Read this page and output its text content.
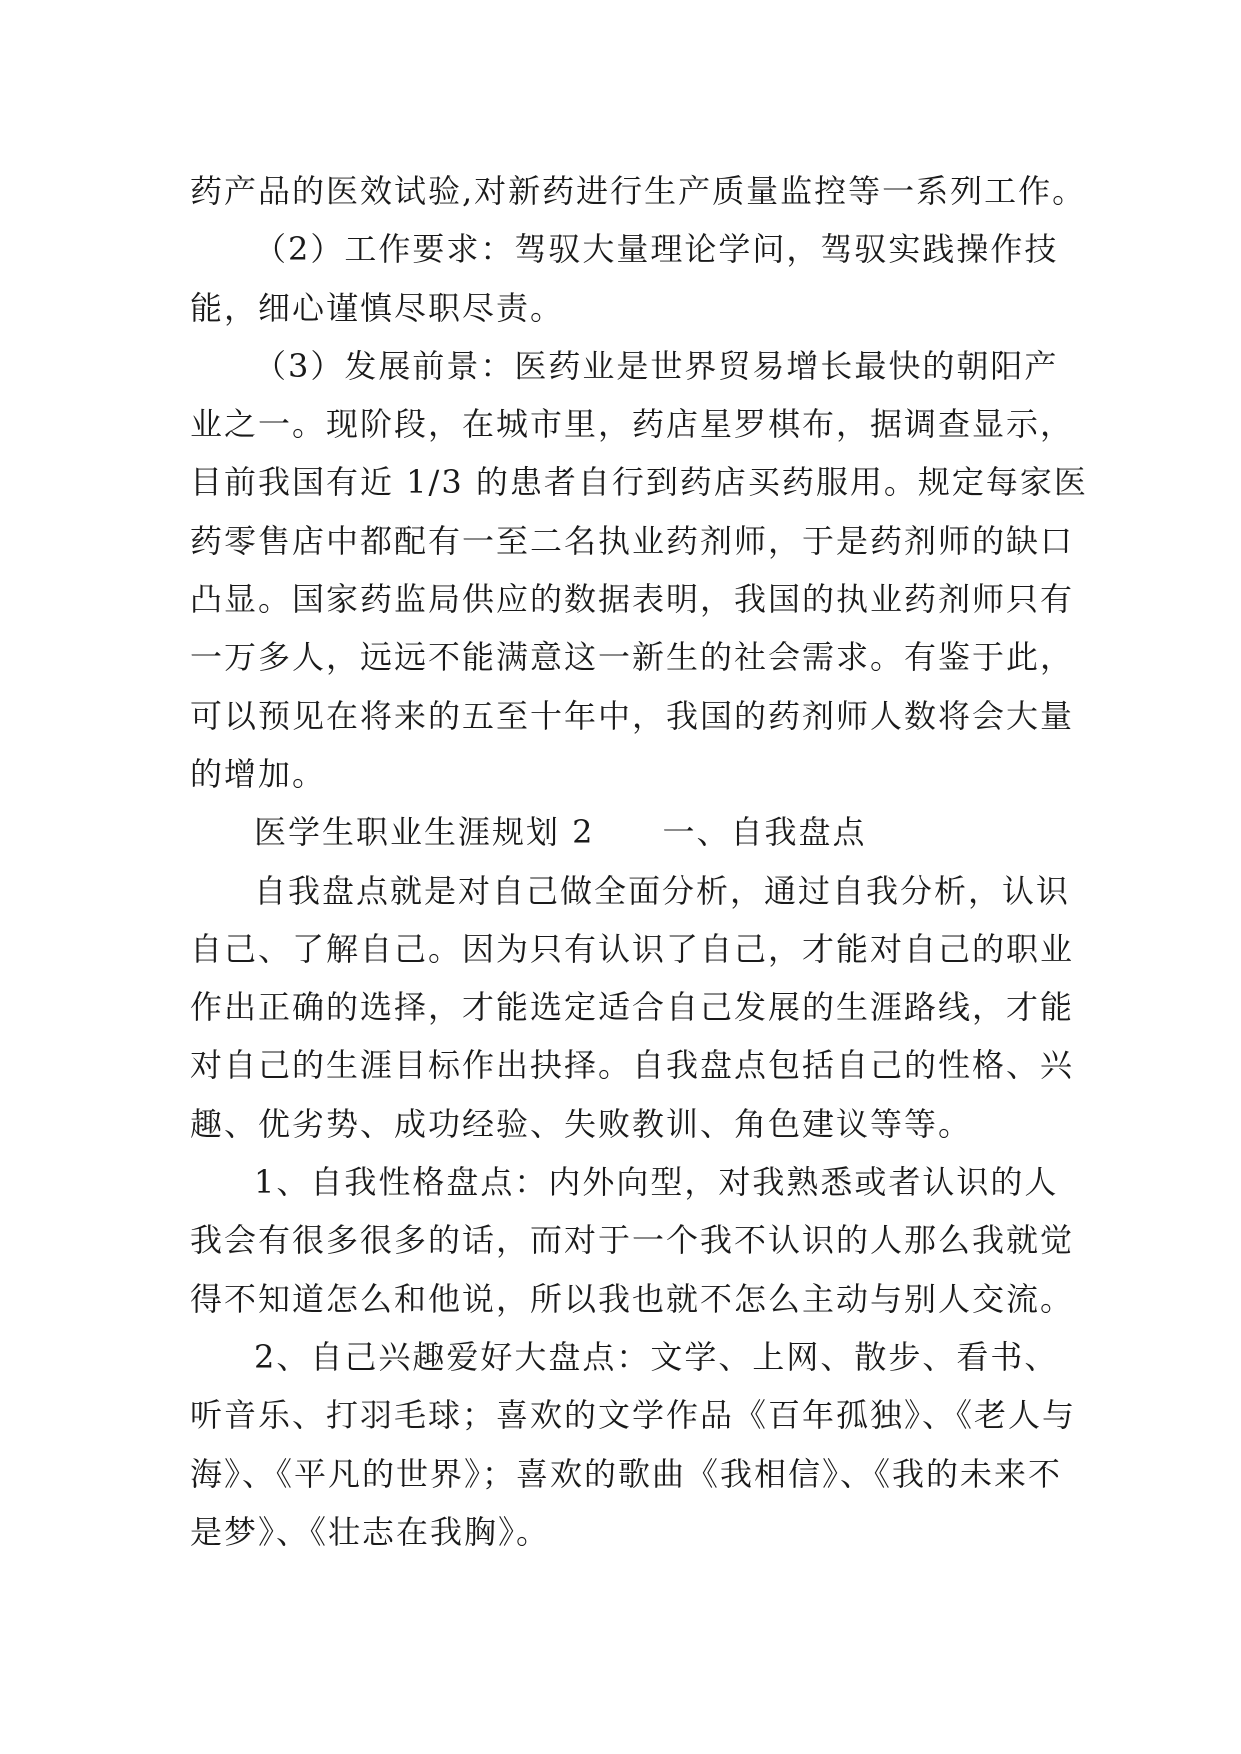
药产品的医效试验,对新药进行生产质量监控等一系列工作。
（2）工作要求：驾驭大量理论学问，驾驭实践操作技
能，细心谨慎尽职尽责。
（3）发展前景：医药业是世界贸易增长最快的朝阳产
业之一。现阶段，在城市里，药店星罗棋布，据调查显示，
目前我国有近 1/3 的患者自行到药店买药服用。规定每家医
药零售店中都配有一至二名执业药剂师，于是药剂师的缺口
凸显。国家药监局供应的数据表明，我国的执业药剂师只有
一万多人，远远不能满意这一新生的社会需求。有鉴于此，
可以预见在将来的五至十年中，我国的药剂师人数将会大量
的增加。
医学生职业生涯规划 2　　一、自我盘点
自我盘点就是对自己做全面分析，通过自我分析，认识
自己、了解自己。因为只有认识了自己，才能对自己的职业
作出正确的选择，才能选定适合自己发展的生涯路线，才能
对自己的生涯目标作出抉择。自我盘点包括自己的性格、兴
趣、优劣势、成功经验、失败教训、角色建议等等。
1、自我性格盘点：内外向型，对我熟悉或者认识的人
我会有很多很多的话，而对于一个我不认识的人那么我就觉
得不知道怎么和他说，所以我也就不怎么主动与别人交流。
2、自己兴趣爱好大盘点：文学、上网、散步、看书、
听音乐、打羽毛球；喜欢的文学作品《百年孤独》、《老人与
海》、《平凡的世界》；喜欢的歌曲《我相信》、《我的未来不
是梦》、《壮志在我胸》。
